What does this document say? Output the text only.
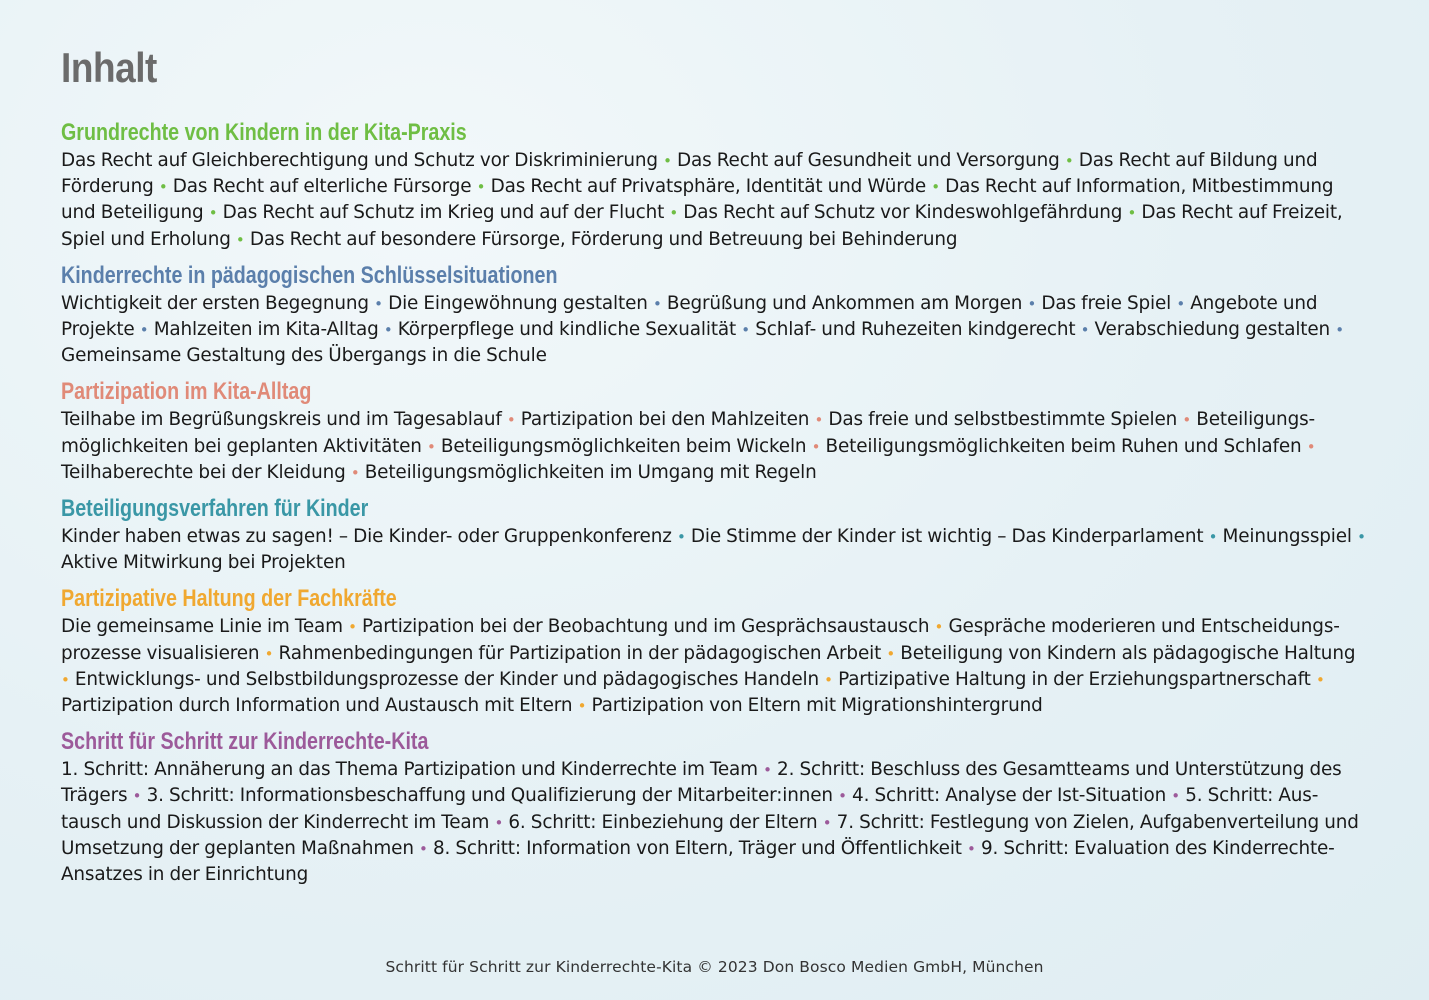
Inhalt
Grundrechte von Kindern in der Kita-Praxis

Das Recht auf Gleichberechtigung und Schutz vor Diskriminierung • Das Recht auf Gesundheit und Versorgung • Das Recht auf Bildung und Förderung • Das Recht auf elterliche Fürsorge • Das Recht auf Privatsphäre, Identität und Würde • Das Recht auf Information, Mitbestimmung und Beteiligung • Das Recht auf Schutz im Krieg und auf der Flucht • Das Recht auf Schutz vor Kindeswohlgefährdung • Das Recht auf Freizeit, Spiel und Erholung • Das Recht auf besondere Fürsorge, Förderung und Betreuung bei Behinderung

Kinderrechte in pädagogischen Schlüsselsituationen

Wichtigkeit der ersten Begegnung • Die Eingewöhnung gestalten • Begrüßung und Ankommen am Morgen • Das freie Spiel • Angebote und Projekte • Mahlzeiten im Kita-Alltag • Körperpflege und kindliche Sexualität • Schlaf- und Ruhezeiten kindgerecht • Verabschiedung gestalten • Gemeinsame Gestaltung des Übergangs in die Schule

Partizipation im Kita-Alltag

Teilhabe im Begrüßungskreis und im Tagesablauf • Partizipation bei den Mahlzeiten • Das freie und selbstbestimmte Spielen • Beteiligungsmöglichkeiten bei geplanten Aktivitäten • Beteiligungsmöglichkeiten beim Wickeln • Beteiligungsmöglichkeiten beim Ruhen und Schlafen • Teilhaberechte bei der Kleidung • Beteiligungsmöglichkeiten im Umgang mit Regeln

Beteiligungsverfahren für Kinder

Kinder haben etwas zu sagen! – Die Kinder- oder Gruppenkonferenz • Die Stimme der Kinder ist wichtig – Das Kinderparlament • Meinungsspiel • Aktive Mitwirkung bei Projekten

Partizipative Haltung der Fachkräfte

Die gemeinsame Linie im Team • Partizipation bei der Beobachtung und im Gesprächsaustausch • Gespräche moderieren und Entscheidungsprozesse visualisieren • Rahmenbedingungen für Partizipation in der pädagogischen Arbeit • Beteiligung von Kindern als pädagogische Haltung • Entwicklungs- und Selbstbildungsprozesse der Kinder und pädagogisches Handeln • Partizipative Haltung in der Erziehungspartnerschaft • Partizipation durch Information und Austausch mit Eltern • Partizipation von Eltern mit Migrationshintergrund

Schritt für Schritt zur Kinderrechte-Kita

1. Schritt: Annäherung an das Thema Partizipation und Kinderrechte im Team • 2. Schritt: Beschluss des Gesamtteams und Unterstützung des Trägers • 3. Schritt: Informationsbeschaffung und Qualifizierung der Mitarbeiter:innen • 4. Schritt: Analyse der Ist-Situation • 5. Schritt: Austausch und Diskussion der Kinderrecht im Team • 6. Schritt: Einbeziehung der Eltern • 7. Schritt: Festlegung von Zielen, Aufgabenverteilung und Umsetzung der geplanten Maßnahmen • 8. Schritt: Information von Eltern, Träger und Öffentlichkeit • 9. Schritt: Evaluation des Kinderrechte-Ansatzes in der Einrichtung

Schritt für Schritt zur Kinderrechte-Kita © 2023 Don Bosco Medien GmbH, München
